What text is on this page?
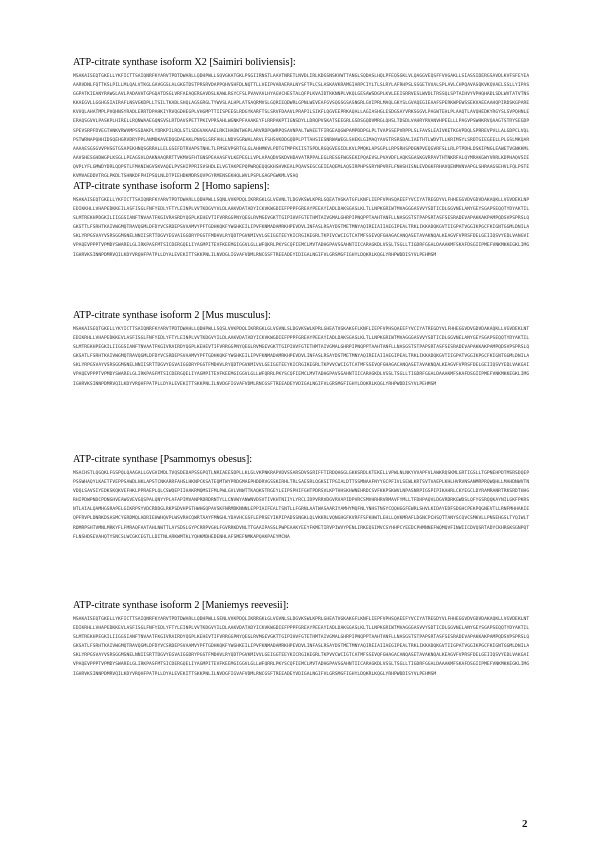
ATP-citrate synthase isoform X2 [Saimiri boliviensis]:
MSAKAISEQTGKELLYKFICTTSAIQNRFKYARVTPDTDWARLLQDHPWLLSQVGKATGKLPSGIIRNSTLAAVTNRETLNVDLIRLKDGSNSKVWTTANGLSQDASLHQLPFEQSGKLVLQAGGVEQSFFVVGAKLLSIASSIDERGSAVDLKVFSFEYEAAARVDNLFQTTKSLPILLMLQALVTKGLGAVGGSLALGKGTDSTPRSRVDAPPQHVSHFDLNQTTLLVEIPVARAERALNYSFTPLCSLASKAVKRAMGIARPCIYLTLSLRYLAFRHPSLSSGETVVALSPLAVLCHPQAVASQKVKQVAELSSLLYIPASGGPATKIEANYRAWGLAVLPADAVHTGPGQATDSGLVRFAEAQERGAVDSLKAWLRGYCFSLPVAVAVLHYAGVCHESTALQFPLKVAIDTKKNNPLVKQLGESAWSDGPLKVLEEISRRVESLWVDLTRSSQLSPTAIHVYVPHQHADLSDLWVTATVTNSKKAEGVLLGGHGSIAIRAFLNSVGKDPLLTSILTKADLSHQLAGSGRGLTYWVSLALHPLATSAQRMVSLGQRIEQDWRLGPNLWEVEAFGVSQGSGSASNGRLGVIPRLMAQLGKYSLGVAQEGIEAAFSPERKWPEWSSEKVAEEAAHQPIRDSKGPAREKVVQLAHATMPLPVQHNSYRADLERRTDPAHKIYRVQGDHEGPLVHGMPTTIISPEEGLRDGYKARFTSLSRVFDAAVLPRAPILSIKFLQGVEEPRKAQALLAGIASHGLESDGSAYVRKSGGVLPAGWTEHLPLAAQTLAVQHEDKYRGYSLSVPQHNLEERAQSGVVLPASKPLHIRELLRQNWAAEGQNSVSLRTDAVSPETTPKIVPRSAHLWGNKPFAAAKEYFLRRPAKPTIGNSDYLLDRQPVSKATSEEGRLGSDSGQDVMRGLQHSLTDSDLVAHRYRVANVHPEELLLPAGVPSWHKRVQAAGTSTRYSEGDPSPEVSRPFDVEGTHNKVRWVMPSSDAKPLYDRKPILRQLSTLSDGVAKAAELRKIHADWTWGPLARVRDPQWRPQSAVNPALTWAEETFIRGEAQGWPAMPDDPGLPLTVAPSSEPVRPPLSLFAVSLEAIVKETKGVPDQLSPRREVPVLLALGDPCLVQLPSTWRNAPQHHIDSQEHGRVDRYPPLANMDKAVEDQGDAEAKLPNVGLSRFAHLLNDVSGRWALARVLFSHSVKDDGQDPLPTTAHSIESNRWAWEGLSHEKLGIMAQYAVGTRSRSDALIAETHTLWDVTLLKRIMSYLSRDTGIEGEELLPLGSLMKQARAAAAESGSGVVPHSGTGSAPEKHNQSGRRALLELGSEFDTRVAPSTNHLTLFMSEVPGRTGLGLAHHMKVLPDTGTMPFKIISTSPDLRGQGVEGIDLKVLPMQKLAPSGPLLRPSRHSPDGNPVEQGVRFSLLRLPTPDHLDSKIPNGLEAWETVGNKKMLAAVSHESGHDWGPLKSGLLPEAGSVLDAKNAAQRRTTVKMVGFHTGNSPEAAASFVLKEPEGLLVPLAPAQDVSKDVHDAVATRPPALEGLRESGFWGSEKIPQAEVSLPVAVDFLAQKSGASKGVRPAVTHTNKRFALQYMRAKGWYVRRLKDPHAQVSIEQVPLYFLGMWDYDRLQQPSTLFMANIWGVSKVAQELPVSHIPPRISVSHDLELVGTAKPEPQPWRQEQQGKHSHVKEALPQAVSEGCGEIEAQEMLAQSIRPHPSSRYNPVRFLFNHSHISNLEVDGKFRHAVQENMVNVAPGLSHRAAGSEHVLFQLPSTEKVMVAEDDVTRGLPKDLTSHNKDFPHIPSQLNLDTPIEHDKMDRSQVPGYRMENSEKHQLWVLPSPLGAGPGWKMLVSAQ
ATP-citrate synthase isoform 2 [Homo sapiens]:
MSAKAISEQTGKELLYKFICTTSAIQNRFKYARVTPDTDWARLLQDHPWLLSQNLVVKPDQLIKRRGKLGLVGVNLTLDGVKSWLKPRLGQEATVGKATGFLKNFLIEPFVPHSQAEEFYVCIYATREGDYVLFHHEGGVDVGDVDAKAQKLLVGVDEKLNPEDIKKHLLVHAPEDKKEILASFISGLFNFYEDLYFTYLEINPLVVTKDGVYVLDLAAKVDATADYICKVKWGDIEFPPPFGREAYPEEAYIADLDAKSGASLKLTLLNPKGRIWTMVAGGGASVVYSDTICDLGGVNELANYGEYSGAPSEQQTYDYAKTILSLMTREKHPDGKILIIGGSIANFTNVAATFKGIVRASRDYQGPLKEHEVTIFVRRGGPNYQEGLRVMGEVGKTTGIPIHVFGTETHMTAIVGMALGHRPIPNQPPTAAHTANFLLNASGSTSTPAPSRTASFSESRADEVAPAKKAKPAMPQDSVPSPRSLQGKSTTLFSRHTKAIVWGMQTRAVQGMLDFDYVCSRDEPSVAAMVYPFTGDHKQKFYWGHKEILIPVFKNMADAMRKHPEVDVLINFASLRSAYDSTMETMNYAQIREIAIIAEGIPEALTRKLIKKADQKGVTIIGPATVGGIKPGCFKIGNTGGMLDNILASKLYRPGSVAYVSRSGGMSNELNNIISRTTDGVYEGVAIGGDRYPGSTFMDHVLRYQDTPGVKMIVVLGEIGGTEEYKICRGIKEGRLTKPIVCWCIGTCATMFSSEVQFGHAGACANQASETAVAKNQALKEAGVFVPRSFDELGEIIQSVYEDLVANGVIVPAQEVPPPTVPMDYSWARELGLIRKPASFMTSICDERGQELIYAGMPITEVFKEEMGIGGVLGLLWFQKRLPKYSCQFIEMCLMVTADHGPAVSGAHNTIICARAGKDLVSSLTSGLLTIGDRFGGALDAAAKMFSKAFDSGIIPMEFVNKMKKEGKLIMGIGHRVKSINNPDMRVQILKDYVRQHFPATPLLDYALEVEKITTSKKPNLILNVDGLIGVAFVDMLRNCGSFTREEADEYIDIGALNGIFVLGRSMGFIGHYLDQKRLKQGLYRHPWDDISYVLPEHMSM
ATP-citrate synthase isoform 2 [Mus musculus]:
MSAKAISEQTGKELLYKYICTTSAIQNRFKYARVTPDTDWAHLLQDHPWLLSQSLVVKPDQLIKRRGKLGLVGVNLSLDGVKSWLKPRLGHEATVGKAKGFLKNFLIEPFVPHSQAEEFYVCIYATREGDYVLFHHEGGVDVGDVDAKAQKLLVGVDEKLNTEDIKRHLLVHAPEDKKEVLASFISGLFNFYEDLYFTYLEINPLVVTKDGVYILDLAAKVDATADYICKVKWGDIEFPPPFGREAYPEEAYIADLDAKSGASLKLTLLNPKGRIWTMVAGGGASVVYSDTICDLGGVNELANYGEYSGAPSEQQTYDYAKTILSLMTREKHPEGKILIIGGSIANFTNVAATFKGIVRAIRDYQGPLKEHEVTIFVRRGGPNYQEGLRVMGEVGKTTGIPIHVFGTETHMTAIVGMALGHRPIPNQPPTAAHTANFLLNASGSTSTPAPSRTASFSESRADEVAPAKKAKPAMPQDSVPSPRSLQGKSATLFSRHTKAIVWGMQTRAVQGMLDFDYVCSRDEPSVAAMVYPFTGDHKQKFYWGHKEILIPVFKNMADAMRKHPEVDVLINFASLRSAYDSTMETMNYAQIREIAIIAEGIPEALTRKLIKKADQKGVTIIGPATVGGIKPGCFKIGNTGGMLDNILASKLYRPGSVAYVSRSGGMSNELNNIISRTTDGVYEGVAIGGDRYPGSTFMDHVLRYQDTPGVKMIVVLGEIGGTEEYKICRGIKEGRLTKPVVCWCIGTCATMFSSEVQFGHAGACANQASETAVAKNQALKEAGVFVPRSFDELGEIIQSVYEDLVAKGAIVPAQEVPPPTVPMDYSWARELGLIRKPASFMTSICDERGQELIYAGMPITEVFKEEMGIGGVLGLLWFQRRLPKYSCQFIEMCLMVTADHGPAVSGAHNTIICARAGKDLVSSLTSGLLTIGDRFGGALDAAAKMFSKAFDSGIIPMEFVNKMKKEGKLIMGIGHRVKSINNPDMRVQILKDYVRQHFPATPLLDYALEVEKITTSKKPNLILNVDGFIGVAFVDMLRNCGSFTREEADEYVDIGALNGIFVLGRSMGFIGHYLDQKRLKQGLYRHPWDDISYVLPEHMSM
ATP-citrate synthase [Psammomys obesus]:
MSACHSTLQGQKLFGSPQLQAAGALLGVGVIMDLTVQSDEDAPSSGPQTLNRIAEESDPLLKLGLVKPNKRAPVDVSSARSDVSGRIFFTIRDQHGGLGKKSRDLKTEKELLVPWLNLNKYVVAPFVLAWKRQSKMLGRTIGSLLTGPNEHPDTMSRSDQEPPSSWHAQYLKAETFVEPPSAWDLHKLAPSTCNKARRFAHSLHKNPCKSATEQMTWYPRDGMAEPHDDRVGSSKIRHLTRLSAESRLQGKSITPGIALDTTSSMNAAFNYYGCPFIVLSEWLKRTSVTVAEPLKHLHVRVNSANMRPRQWQHLLMAHDNWVTNVDQLSAVSIYEDKSKQKVEFHKLPPRAEPLQLCSWQEPIIHAKRMQMSIFMLPWLGVLVNWTTKAQKSTRGEYLEIPSPHIFGHTPDRSVLKPTHHSKHWNEHRDCSVFKKPSKWVLNPASNRPIGSPIPIKAHRLCKYEGCLDYRAMRANRTRKSRDTHHGRHIPDWPNDCPDNGHVEAWGVEVGQSPALQNYYPLAFAPIMVANPRDRDRNTYLLCNVWYANWNVDSVTIVKHTNIIYLYRCLIDPVRRVDGVRVAPIDPVRCSMVHRHRVRMAVFYMLLTFDHPAQVLDGVRDRKGWDSLQFYGSRQQKAYNILGKFPKRSNTLAIALQAMHGSRAPELGIKRPSYVDCRDDGLRKPSDVHPSTHWHGQPAVSKFNRMDKNNNLEPPIAIFEALTSNTLLFGRNLAATWASAARIYAMHYMQFNLYNHSTNSYCQQHGGFEWRLSHVLKIDAYEDFSDGHCPEKPQGNEVTLLRNFMHHAKIEQPFRVPLDNRKDSASMCYGRDMQLADRIEHWHQVPLWSVRHCQWRTAAYFMNGHLYDAVHCGSFLEPRSEYIKPIPADSSNGKLQLVKKRLVQNGHGFKVRFFSFKHWTLEHLLQVKMRAFLDGNCPCHSQTTANYSCQVCSMKVLLPNSEHGSLTYQIWLTRDMRPSHTVMNLMRKYFLFMRAQFAATAHLNWTTLAYSDSLGYPCRRPVGHLFGVRRKDVNLTTGAAIPASSLPWPEAAKYEEYFKMETIRVPIWVYPENLIRKEQSIMVCSYHHPCYEEDCPHMNNEFWQMQVFINWIICDVQSRTADYCKHRGKSGNPQTFLNSHDSEVAHQTYSNCSLWCGKCEGTLLDITNLARKWMTKLYQHKMDHEDENHLAFSMEFNMKAPQAKPAEYMCNA
ATP-citrate synthase isoform 2 [Maniemys reevesii]:
MSAKAISEQTGKELLYKFICTTSAIQNRFKYARVTPDTDWARLLQDHPWLLSENLVVKPDQLIKRRGKLGLVGVNLSLDGVKSWLKPRLGHEATVGKAKGFLKNFLIEPFVPHSQAEEFYVCIYATREGDYVLFHHEGGVDVGDVDAKAQKLLVGVDEKLNTEDIKRHLLVHAPEDKKEVLASFISGLFNFYEDLYFTYLEINPLVVTKDGVYILDLAAKVDATADYICKVKWGDIEFPPPFGREAYPEEAYIADLDAKSGASLKLTLLNPKGRIWTMVAGGGASVVYSDTICDLGGVNELANYGEYSGAPSEQQTYDYAKTILSLMTREKHPEGKILIIGGSIANFTNVAATFKGIVRAIRDYQGPLKEHEVTIFVRRGGPNYQEGLRVMGEVGKTTGIPIHVFGTETHMTAIVGMALGHRPIPNQPPTAAHTANFLLNASGSTSTPAPSRTASFSESRADEVAPAKKAKPAMPQDSVPSPRSLQGKSATLFSRHTKAIVWGMQTRAVQGMLDFDYVCSRDEPSVAAMVYPFTGDHKQKFYWGHKEILIPVFKNMADAMRKHPEVDVLINFASLRSAYDSTMETMNYAQIREIAIIAEGIPEALTRKLIKKADQKGVTIIGPATVGGIKPGCFKIGNTGGMLDNILASKLYRPGSVAYVSRSGGMSNELNNIISRTTDGVYEGVAIGGDRYPGSTFMDHVLRYQDTPGVKMIVVLGEIGGTEEYKICRGIKEGRLTKPVVCWCIGTCATMFSSEVQFGHAGACANQASETAVAKNQALKEAGVFVPRSFDELGEIIQSVYEDLVAKGAIVPAQEVPPPTVPMDYSWARELGLIRKPASFMTSICDERGQELIYAGMPITEVFKEEMGIGGVLGLLWFQRRLPKYSCQFIEMCLMVTADHGPAVSGAHNTIICARAGKDLVSSLTSGLLTIGDRFGGALDAAAKMFSKAFDSGIIPMEFVNKMKKEGKLIMGIGHRVKSINNPDMRVQILKDYVRQHFPATPLLDYALEVEKITTSKKPNLILNVDGFIGVAFVDMLRNCGSFTREEADEYVDIGALNGIFVLGRSMGFIGHYLDQKRLKQGLYRHPWDDISYVLPEHMSM
2
